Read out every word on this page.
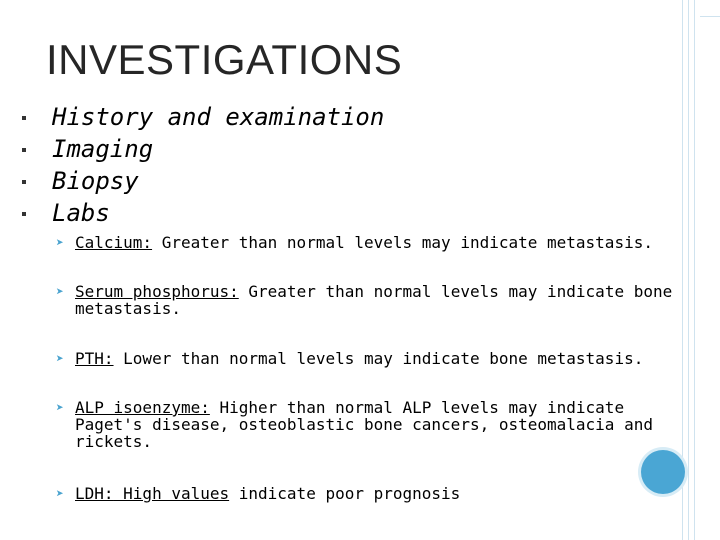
INVESTIGATIONS
History and examination
Imaging
Biopsy
Labs
➤ Calcium: Greater than normal levels may indicate metastasis.
➤ Serum phosphorus: Greater than normal levels may indicate bone metastasis.
➤ PTH: Lower than normal levels may indicate bone metastasis.
➤ ALP isoenzyme: Higher than normal ALP levels may indicate Paget's disease, osteoblastic bone cancers, osteomalacia and rickets.
➤ LDH: High values indicate poor prognosis
